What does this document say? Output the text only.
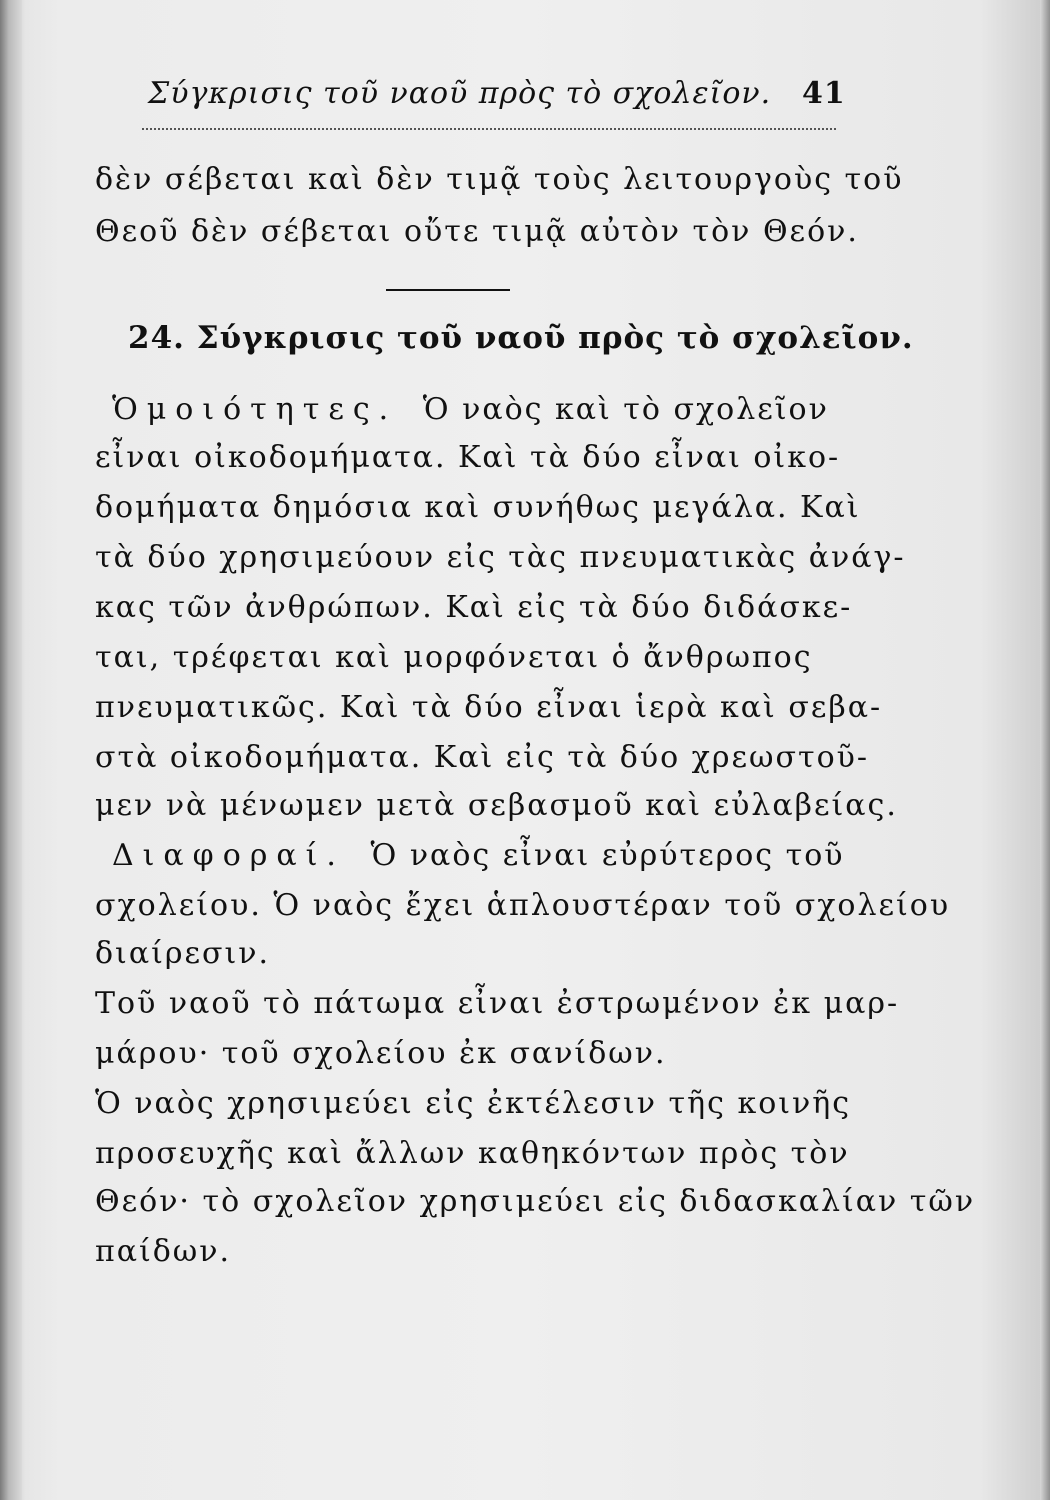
Σύγκρισις τοῦ ναοῦ πρὸς τὸ σχολεῖον. 41
δὲν σέβεται καὶ δὲν τιμᾷ τοὺς λειτουργοὺς τοῦ
Θεοῦ δὲν σέβεται οὔτε τιμᾷ αὐτὸν τὸν Θεόν.
24. Σύγκρισις τοῦ ναοῦ πρὸς τὸ σχολεῖον.
Ὁμοιότητες. Ὁ ναὸς καὶ τὸ σχολεῖον
εἶναι οἰκοδομήματα. Καὶ τὰ δύο εἶναι οἰκο-
δομήματα δημόσια καὶ συνήθως μεγάλα. Καὶ
τὰ δύο χρησιμεύουν εἰς τὰς πνευματικὰς ἀνάγ-
κας τῶν ἀνθρώπων. Καὶ εἰς τὰ δύο διδάσκε-
ται, τρέφεται καὶ μορφόνεται ὁ ἄνθρωπος
πνευματικῶς. Καὶ τὰ δύο εἶναι ἱερὰ καὶ σεβα-
στὰ οἰκοδομήματα. Καὶ εἰς τὰ δύο χρεωστοῦ-
μεν νὰ μένωμεν μετὰ σεβασμοῦ καὶ εὐλαβείας.
Διαφοραί. Ὁ ναὸς εἶναι εὐρύτερος τοῦ
σχολείου. Ὁ ναὸς ἔχει ἁπλουστέραν τοῦ σχολείου
διαίρεσιν.
Τοῦ ναοῦ τὸ πάτωμα εἶναι ἐστρωμένον ἐκ μαρ-
μάρου· τοῦ σχολείου ἐκ σανίδων.
Ὁ ναὸς χρησιμεύει εἰς ἐκτέλεσιν τῆς κοινῆς
προσευχῆς καὶ ἄλλων καθηκόντων πρὸς τὸν
Θεόν· τὸ σχολεῖον χρησιμεύει εἰς διδασκαλίαν τῶν
παίδων.
